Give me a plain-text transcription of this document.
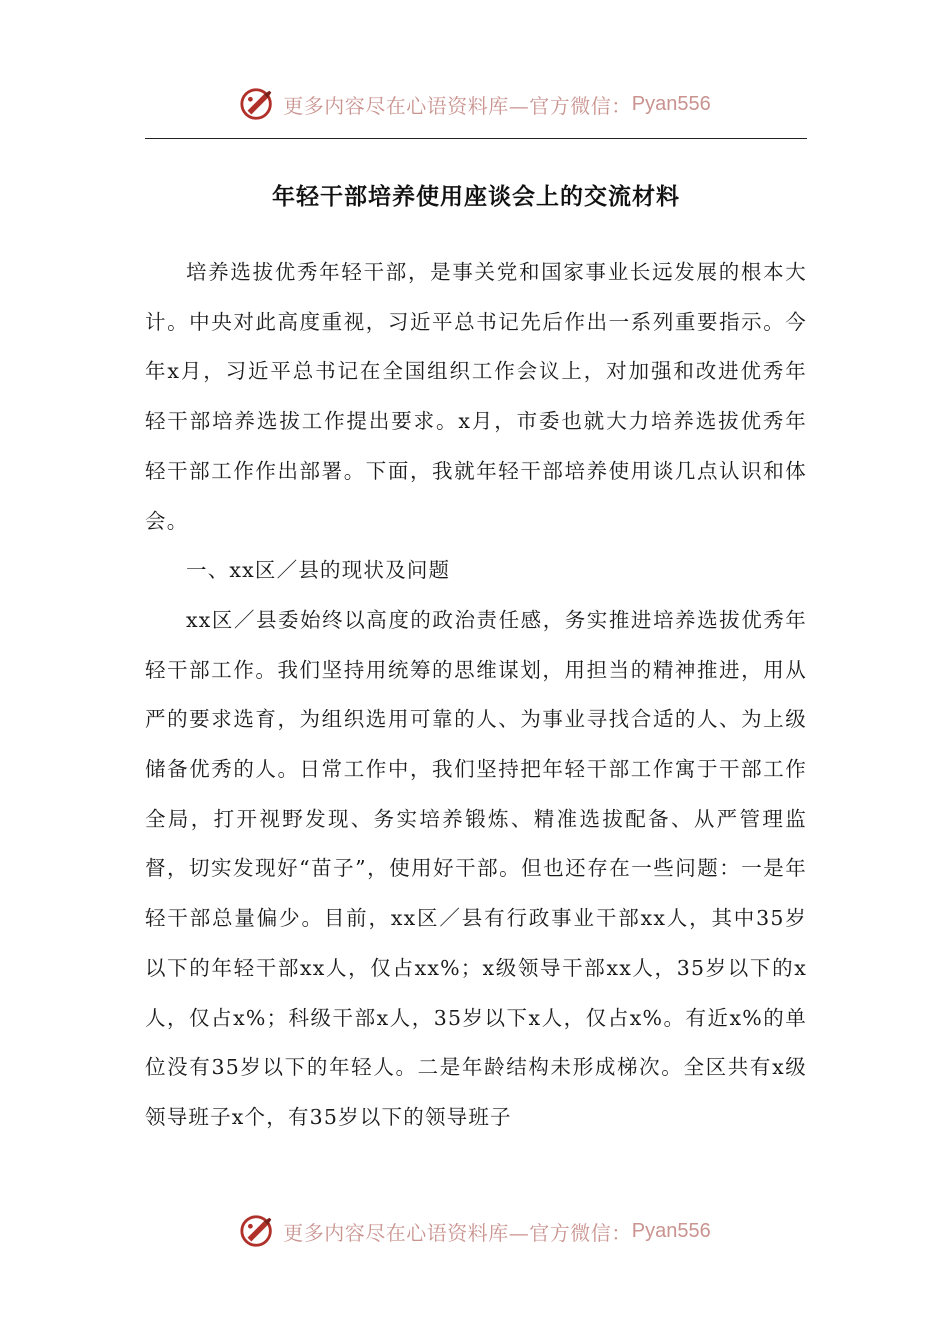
更多内容尽在心语资料库—官方微信： Pyan556
年轻干部培养使用座谈会上的交流材料

培养选拔优秀年轻干部，是事关党和国家事业长远发展的根本大计。中央对此高度重视，习近平总书记先后作出一系列重要指示。今年x月，习近平总书记在全国组织工作会议上，对加强和改进优秀年轻干部培养选拔工作提出要求。x月，市委也就大力培养选拔优秀年轻干部工作作出部署。下面，我就年轻干部培养使用谈几点认识和体会。

一、xx区／县的现状及问题

xx区／县委始终以高度的政治责任感，务实推进培养选拔优秀年轻干部工作。我们坚持用统筹的思维谋划，用担当的精神推进，用从严的要求选育，为组织选用可靠的人、为事业寻找合适的人、为上级储备优秀的人。日常工作中，我们坚持把年轻干部工作寓于干部工作全局，打开视野发现、务实培养锻炼、精准选拔配备、从严管理监督，切实发现好“苗子”，使用好干部。但也还存在一些问题：一是年轻干部总量偏少。目前，xx区／县有行政事业干部xx人，其中35岁以下的年轻干部xx人，仅占xx%；x级领导干部xx人，35岁以下的x人，仅占x%；科级干部x人，35岁以下x人，仅占x%。有近x%的单位没有35岁以下的年轻人。二是年龄结构未形成梯次。全区共有x级领导班子x个，有35岁以下的领导班子

更多内容尽在心语资料库—官方微信： Pyan556
